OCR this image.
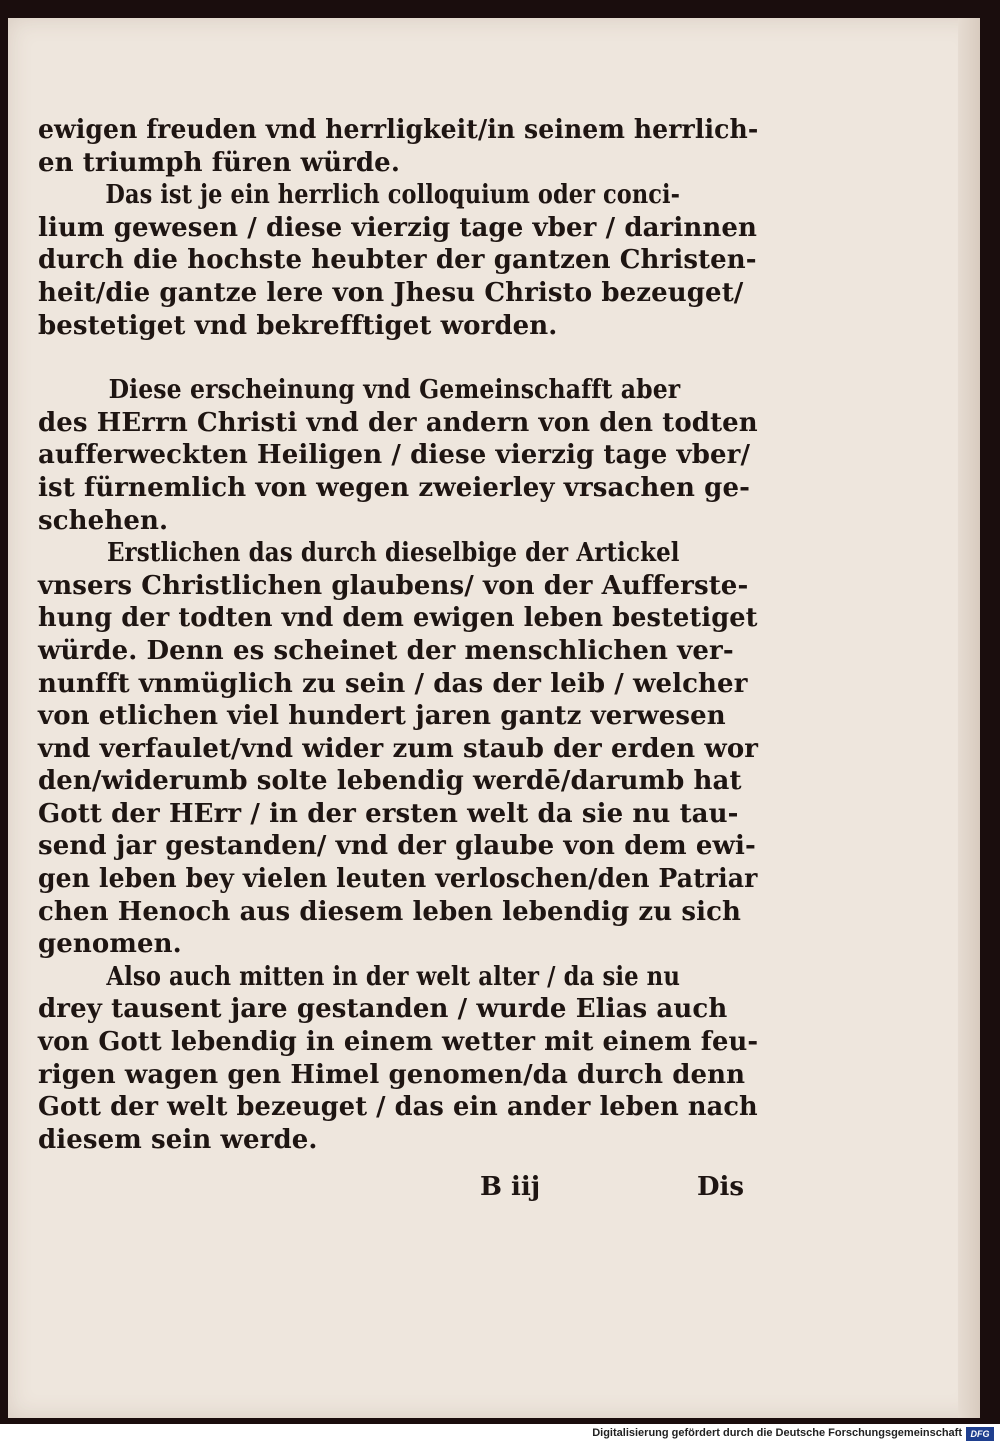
ewigen freuden vnd herrligkeit/in seinem herrlich-
en triumph füren würde.
Das ist je ein herrlich colloquium oder conci-
lium gewesen / diese vierzig tage vber / darinnen
durch die hochste heubter der gantzen Christen-
heit/die gantze lere von Jhesu Christo bezeuget/
bestetiget vnd bekrefftiget worden.
Diese erscheinung vnd Gemeinschafft aber
des HErrn Christi vnd der andern von den todten
aufferweckten Heiligen / diese vierzig tage vber/
ist fürnemlich von wegen zweierley vrsachen ge-
schehen.
Erstlichen das durch dieselbige der Artickel
vnsers Christlichen glaubens/ von der Aufferste-
hung der todten vnd dem ewigen leben bestetiget
würde. Denn es scheinet der menschlichen ver-
nunfft vnmüglich zu sein / das der leib / welcher
von etlichen viel hundert jaren gantz verwesen
vnd verfaulet/vnd wider zum staub der erden wor
den/widerumb solte lebendig werdē/darumb hat
Gott der HErr / in der ersten welt da sie nu tau-
send jar gestanden/ vnd der glaube von dem ewi-
gen leben bey vielen leuten verloschen/den Patriar
chen Henoch aus diesem leben lebendig zu sich
genomen.
Also auch mitten in der welt alter / da sie nu
drey tausent jare gestanden / wurde Elias auch
von Gott lebendig in einem wetter mit einem feu-
rigen wagen gen Himel genomen/da durch denn
Gott der welt bezeuget / das ein ander leben nach
diesem sein werde.
B iij	Dis
Digitalisierung gefördert durch die Deutsche Forschungsgemeinschaft DFG
